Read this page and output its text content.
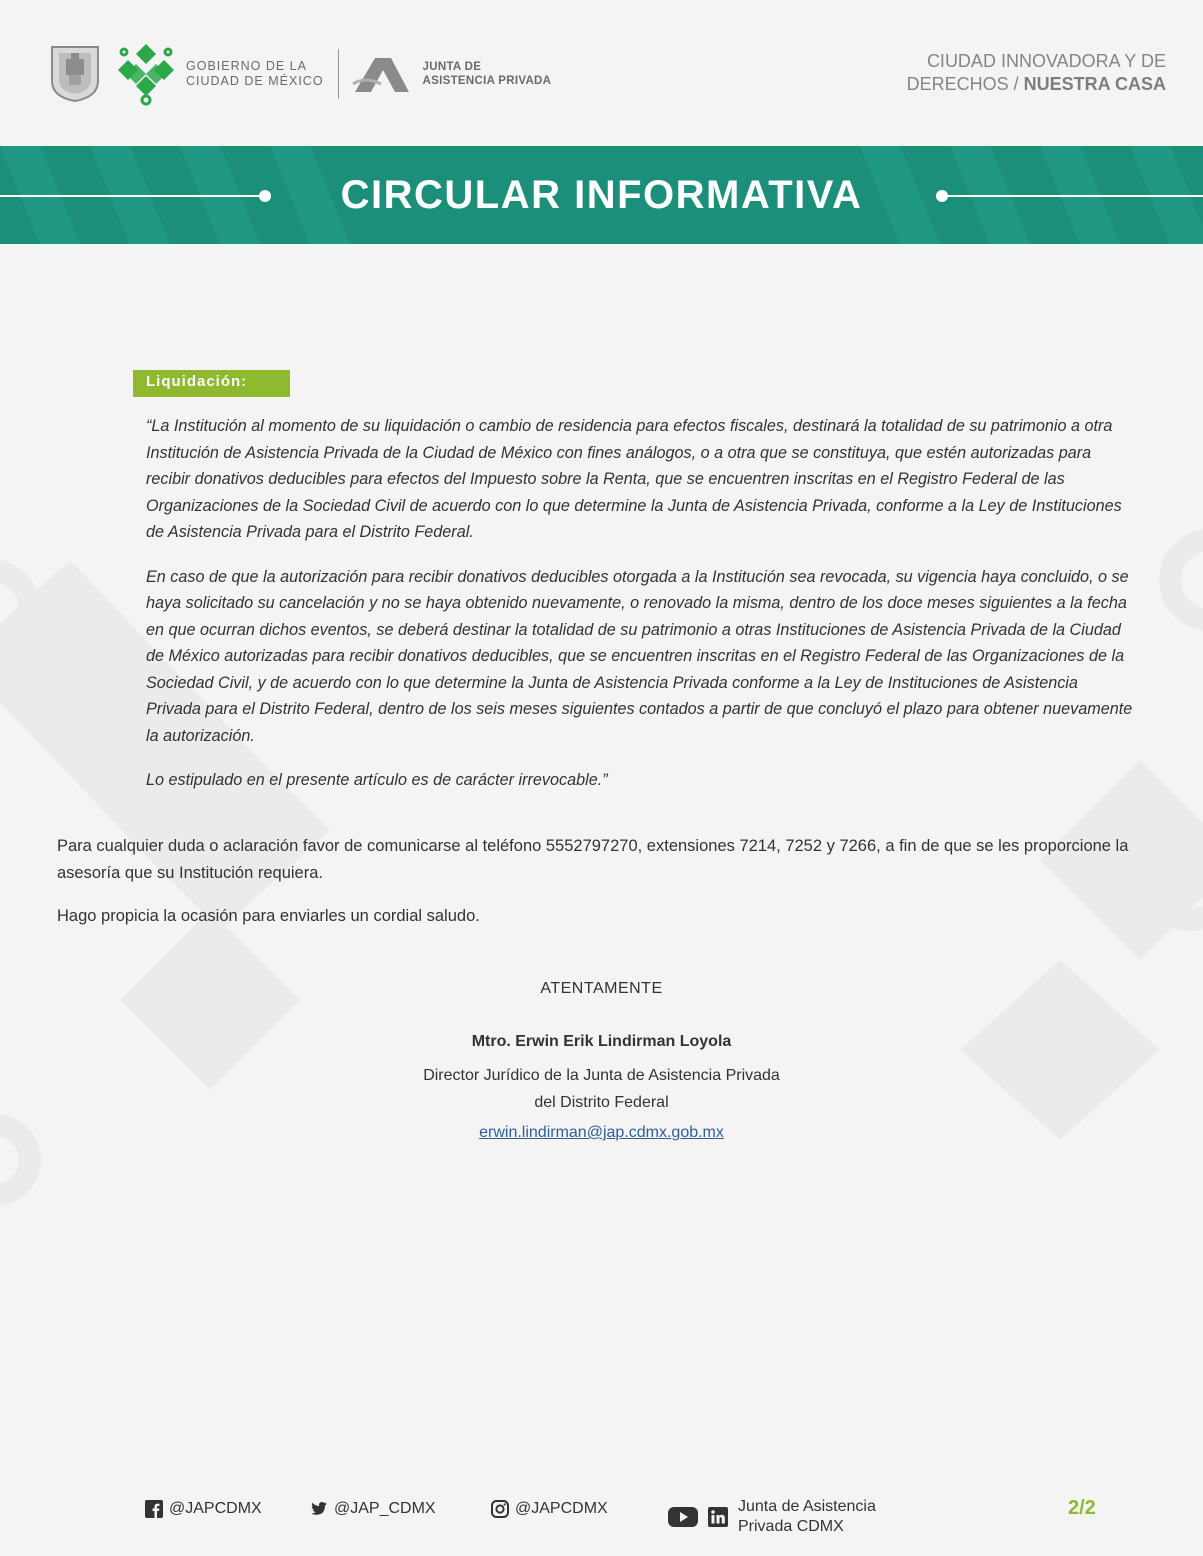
GOBIERNO DE LA
CIUDAD DE MÉXICO
JUNTA DE
ASISTENCIA PRIVADA
CIUDAD INNOVADORA Y DE
DERECHOS / NUESTRA CASA
CIRCULAR INFORMATIVA
Liquidación:

“La Institución al momento de su liquidación o cambio de residencia para efectos fiscales, destinará la totalidad de su patrimonio a otra Institución de Asistencia Privada de la Ciudad de México con fines análogos, o a otra que se constituya, que estén autorizadas para recibir donativos deducibles para efectos del Impuesto sobre la Renta, que se encuentren inscritas en el Registro Federal de las Organizaciones de la Sociedad Civil de acuerdo con lo que determine la Junta de Asistencia Privada, conforme a la Ley de Instituciones de Asistencia Privada para el Distrito Federal.

En caso de que la autorización para recibir donativos deducibles otorgada a la Institución sea revocada, su vigencia haya concluido, o se haya solicitado su cancelación y no se haya obtenido nuevamente, o renovado la misma, dentro de los doce meses siguientes a la fecha en que ocurran dichos eventos, se deberá destinar la totalidad de su patrimonio a otras Instituciones de Asistencia Privada de la Ciudad de México autorizadas para recibir donativos deducibles, que se encuentren inscritas en el Registro Federal de las Organizaciones de la Sociedad Civil, y de acuerdo con lo que determine la Junta de Asistencia Privada conforme a la Ley de Instituciones de Asistencia Privada para el Distrito Federal, dentro de los seis meses siguientes contados a partir de que concluyó el plazo para obtener nuevamente la autorización.

Lo estipulado en el presente artículo es de carácter irrevocable.”

Para cualquier duda o aclaración favor de comunicarse al teléfono 5552797270, extensiones 7214, 7252 y 7266, a fin de que se les proporcione la asesoría que su Institución requiera.

Hago propicia la ocasión para enviarles un cordial saludo.

ATENTAMENTE
Mtro. Erwin Erik Lindirman Loyola
Director Jurídico de la Junta de Asistencia Privada
del Distrito Federal
erwin.lindirman@jap.cdmx.gob.mx
@JAPCDMX	@JAP_CDMX	@JAPCDMX	Junta de Asistencia
Privada CDMX
2/2
